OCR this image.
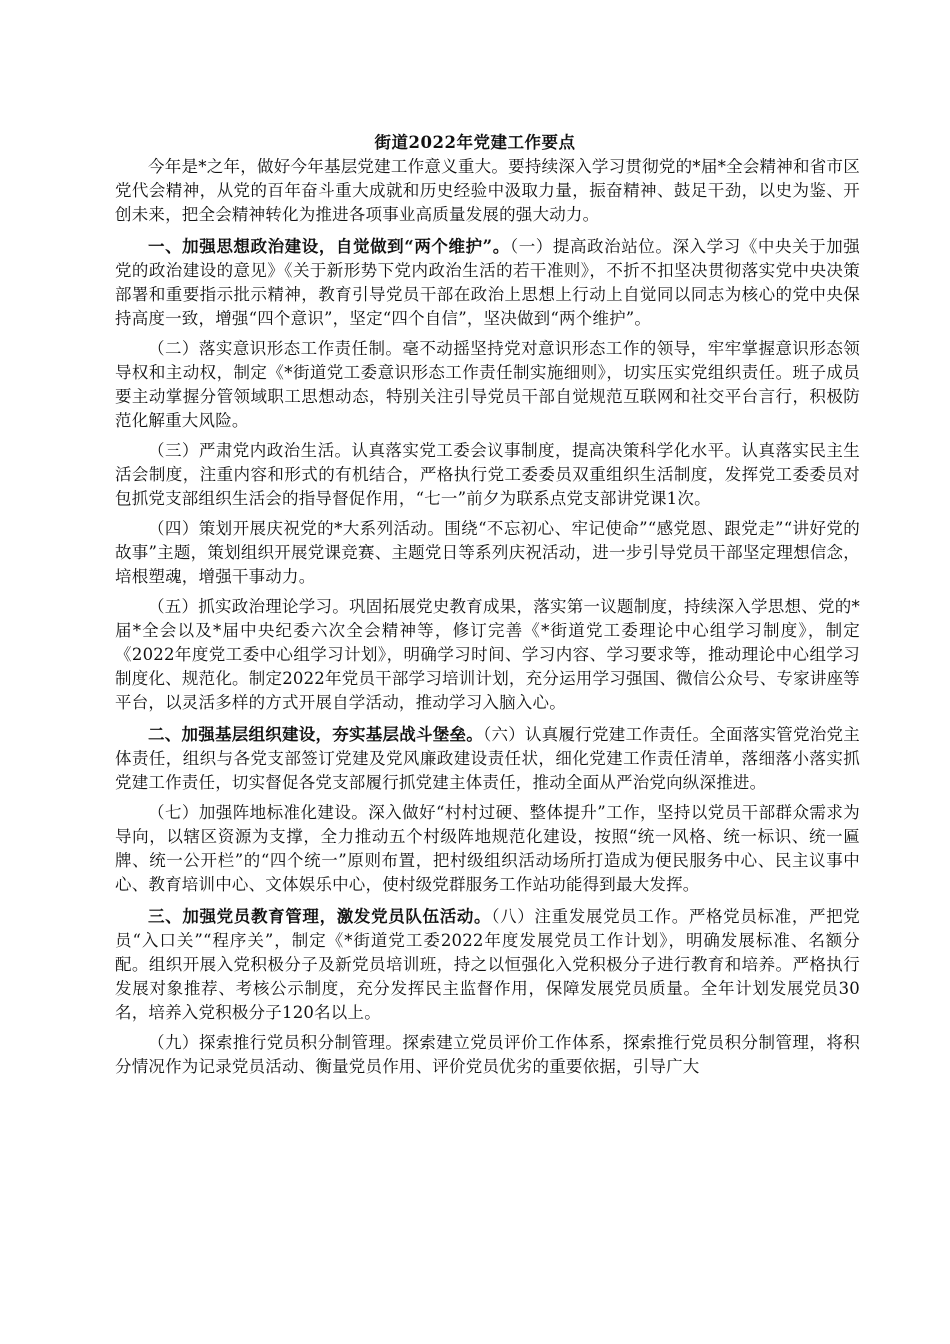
街道2022年党建工作要点

今年是*之年，做好今年基层党建工作意义重大。要持续深入学习贯彻党的*届*全会精神和省市区党代会精神，从党的百年奋斗重大成就和历史经验中汲取力量，振奋精神、鼓足干劲，以史为鉴、开创未来，把全会精神转化为推进各项事业高质量发展的强大动力。

一、加强思想政治建设，自觉做到“两个维护”。（一）提高政治站位。深入学习《中央关于加强党的政治建设的意见》《关于新形势下党内政治生活的若干准则》，不折不扣坚决贯彻落实党中央决策部署和重要指示批示精神，教育引导党员干部在政治上思想上行动上自觉同以同志为核心的党中央保持高度一致，增强“四个意识”，坚定“四个自信”，坚决做到“两个维护”。

（二）落实意识形态工作责任制。毫不动摇坚持党对意识形态工作的领导，牢牢掌握意识形态领导权和主动权，制定《*街道党工委意识形态工作责任制实施细则》，切实压实党组织责任。班子成员要主动掌握分管领域职工思想动态，特别关注引导党员干部自觉规范互联网和社交平台言行，积极防范化解重大风险。

（三）严肃党内政治生活。认真落实党工委会议事制度，提高决策科学化水平。认真落实民主生活会制度，注重内容和形式的有机结合，严格执行党工委委员双重组织生活制度，发挥党工委委员对包抓党支部组织生活会的指导督促作用，“七一”前夕为联系点党支部讲党课1次。

（四）策划开展庆祝党的*大系列活动。围绕“不忘初心、牢记使命”“感党恩、跟党走”“讲好党的故事”主题，策划组织开展党课竞赛、主题党日等系列庆祝活动，进一步引导党员干部坚定理想信念，培根塑魂，增强干事动力。

（五）抓实政治理论学习。巩固拓展党史教育成果，落实第一议题制度，持续深入学思想、党的*届*全会以及*届中央纪委六次全会精神等，修订完善《*街道党工委理论中心组学习制度》，制定《2022年度党工委中心组学习计划》，明确学习时间、学习内容、学习要求等，推动理论中心组学习制度化、规范化。制定2022年党员干部学习培训计划，充分运用学习强国、微信公众号、专家讲座等平台，以灵活多样的方式开展自学活动，推动学习入脑入心。

二、加强基层组织建设，夯实基层战斗堡垒。（六）认真履行党建工作责任。全面落实管党治党主体责任，组织与各党支部签订党建及党风廉政建设责任状，细化党建工作责任清单，落细落小落实抓党建工作责任，切实督促各党支部履行抓党建主体责任，推动全面从严治党向纵深推进。

（七）加强阵地标准化建设。深入做好“村村过硬、整体提升”工作，坚持以党员干部群众需求为导向，以辖区资源为支撑，全力推动五个村级阵地规范化建设，按照“统一风格、统一标识、统一匾牌、统一公开栏”的“四个统一”原则布置，把村级组织活动场所打造成为便民服务中心、民主议事中心、教育培训中心、文体娱乐中心，使村级党群服务工作站功能得到最大发挥。

三、加强党员教育管理，激发党员队伍活动。（八）注重发展党员工作。严格党员标准，严把党员“入口关”“程序关”，制定《*街道党工委2022年度发展党员工作计划》，明确发展标准、名额分配。组织开展入党积极分子及新党员培训班，持之以恒强化入党积极分子进行教育和培养。严格执行发展对象推荐、考核公示制度，充分发挥民主监督作用，保障发展党员质量。全年计划发展党员30名，培养入党积极分子120名以上。

（九）探索推行党员积分制管理。探索建立党员评价工作体系，探索推行党员积分制管理，将积分情况作为记录党员活动、衡量党员作用、评价党员优劣的重要依据，引导广大
